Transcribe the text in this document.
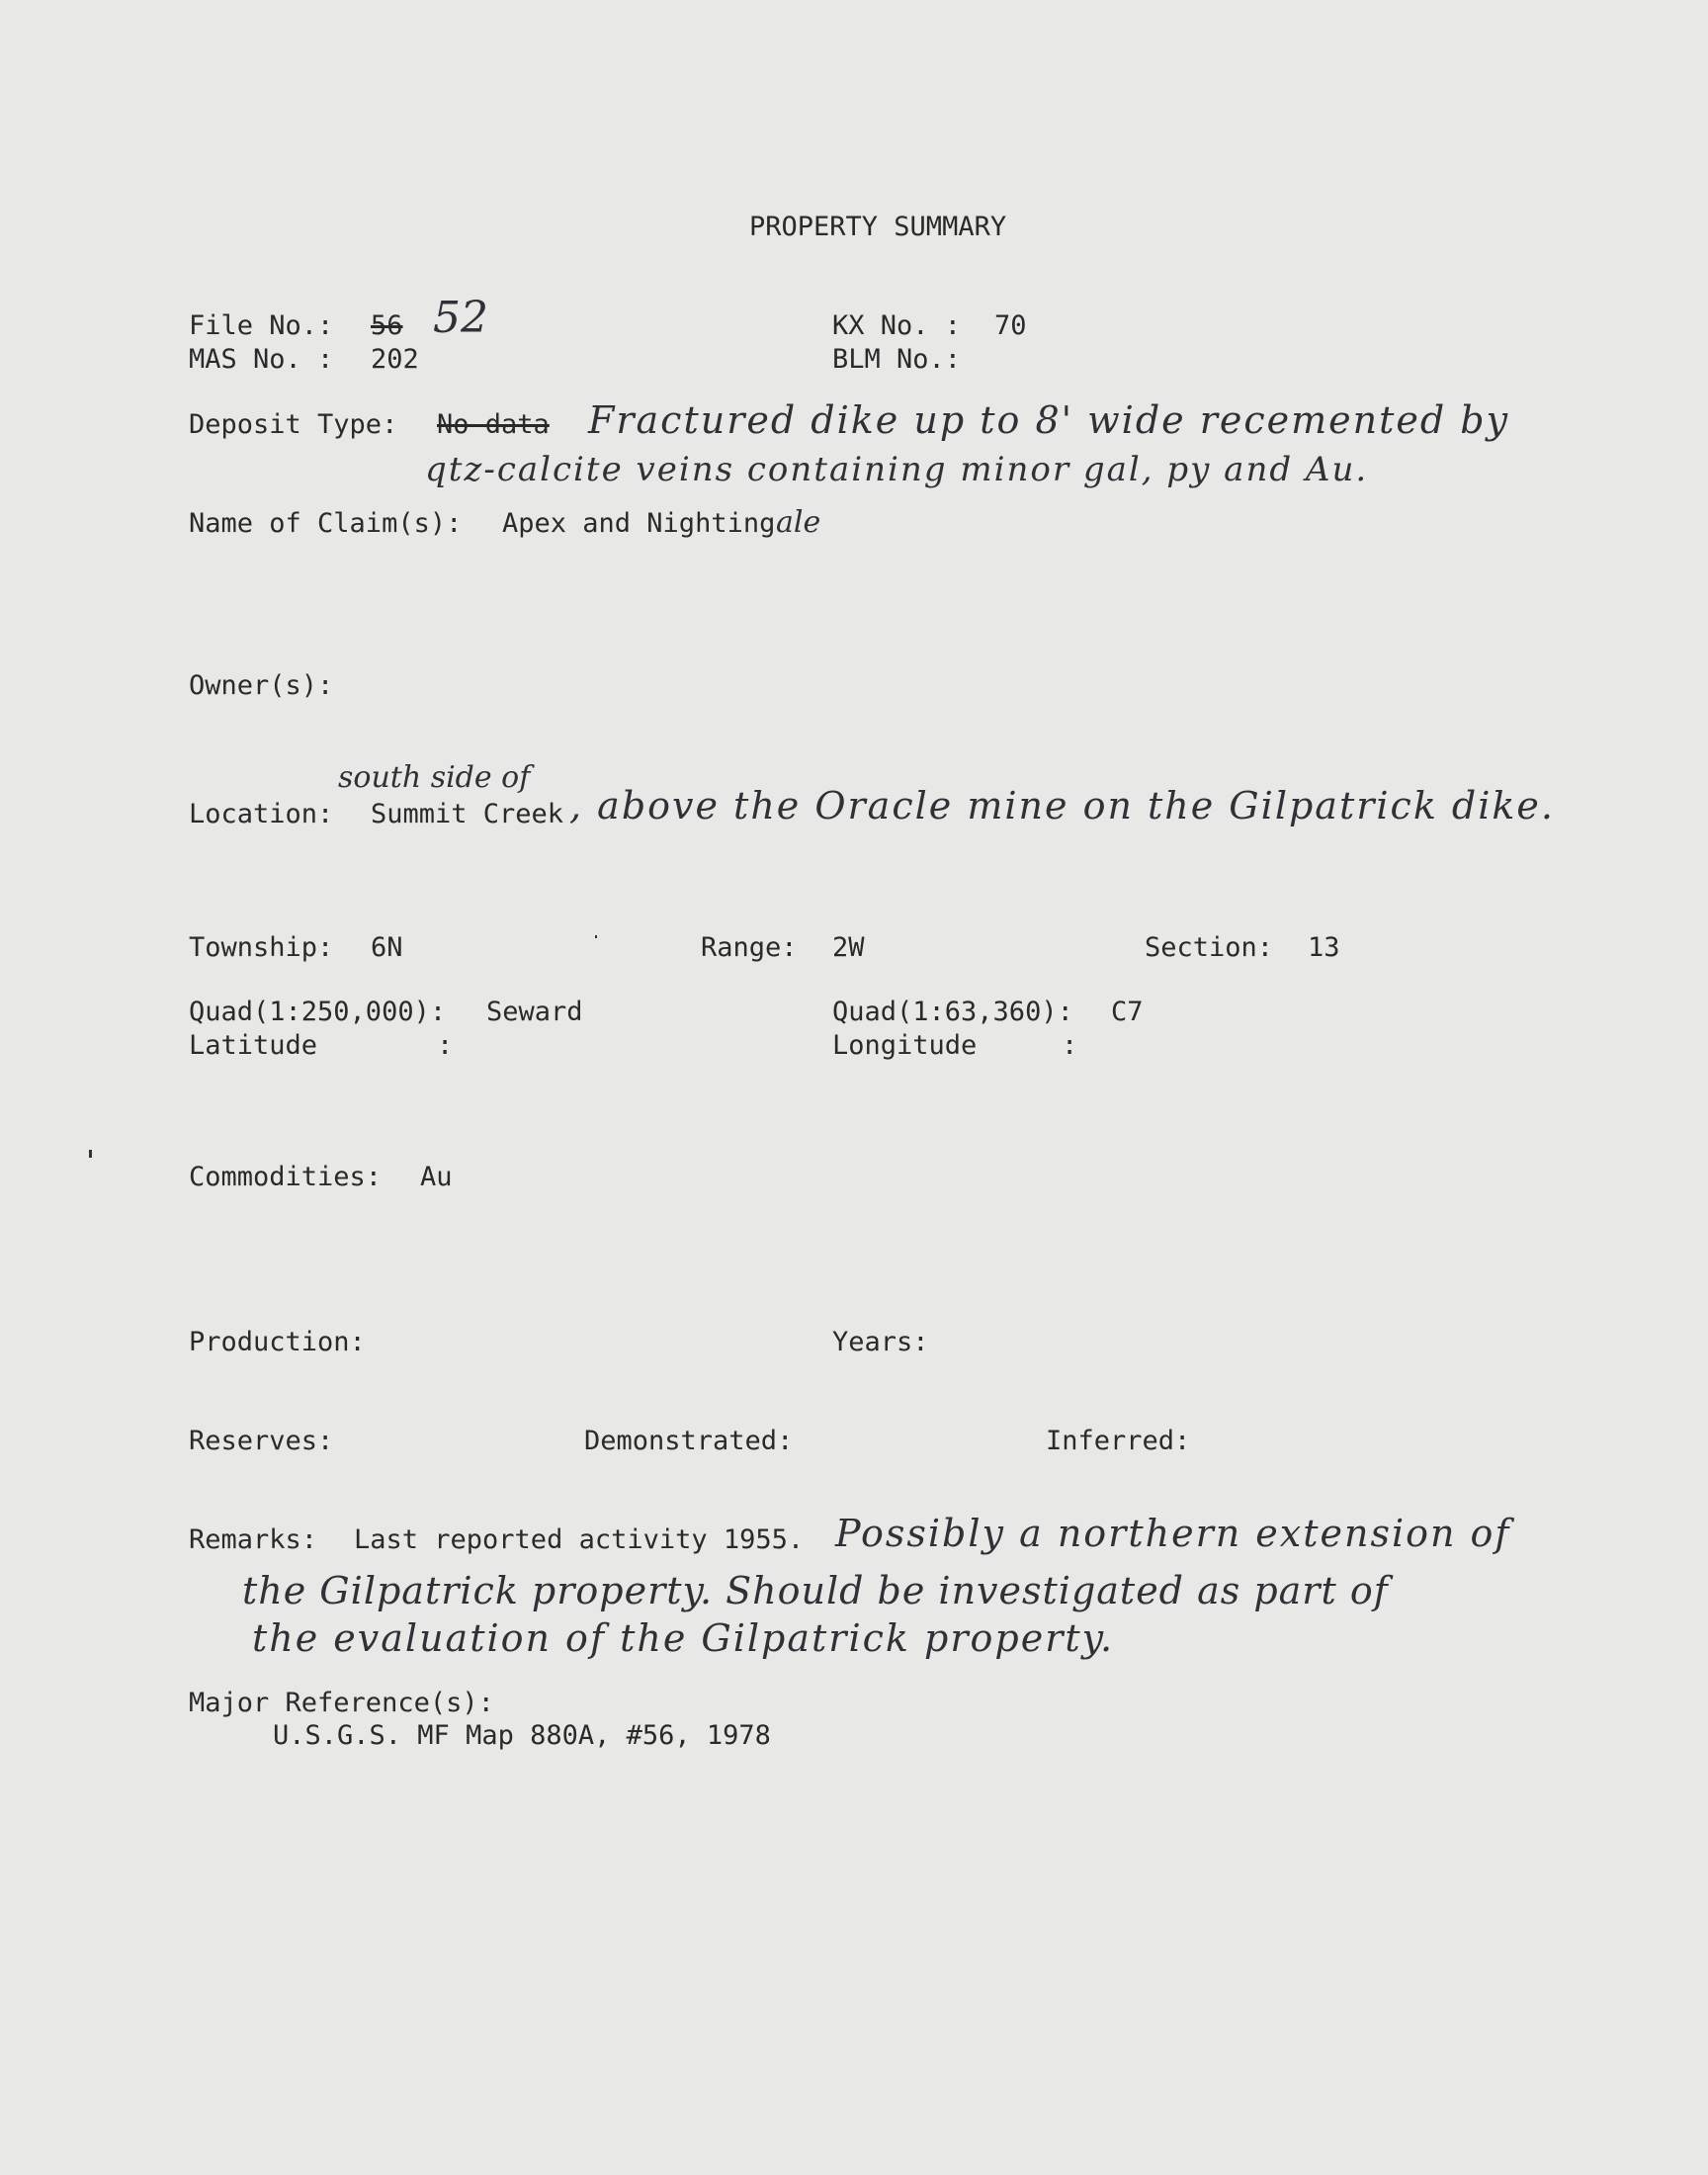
PROPERTY SUMMARY
File No.: 56 52	KX No. : 70
MAS No. : 202	BLM No.:
Deposit Type: No data Fractured dike up to 8' wide recemented by
qtz-calcite veins containing minor gal, py and Au.
Name of Claim(s): Apex and Nighting ale
Owner(s):
south side of
Location: Summit Creek , above the Oracle mine on the Gilpatrick dike.
Township: 6N	Range: 2W	Section: 13
Quad(1:250,000): Seward	Quad(1:63,360): C7
Latitude	:	Longitude	:
Commodities: Au
Production:	Years:
Reserves:	Demonstrated:	Inferred:
Remarks: Last reported activity 1955. Possibly a northern extension of
the Gilpatrick property. Should be investigated as part of
the evaluation of the Gilpatrick property.
Major Reference(s):
U.S.G.S. MF Map 880A, #56, 1978
